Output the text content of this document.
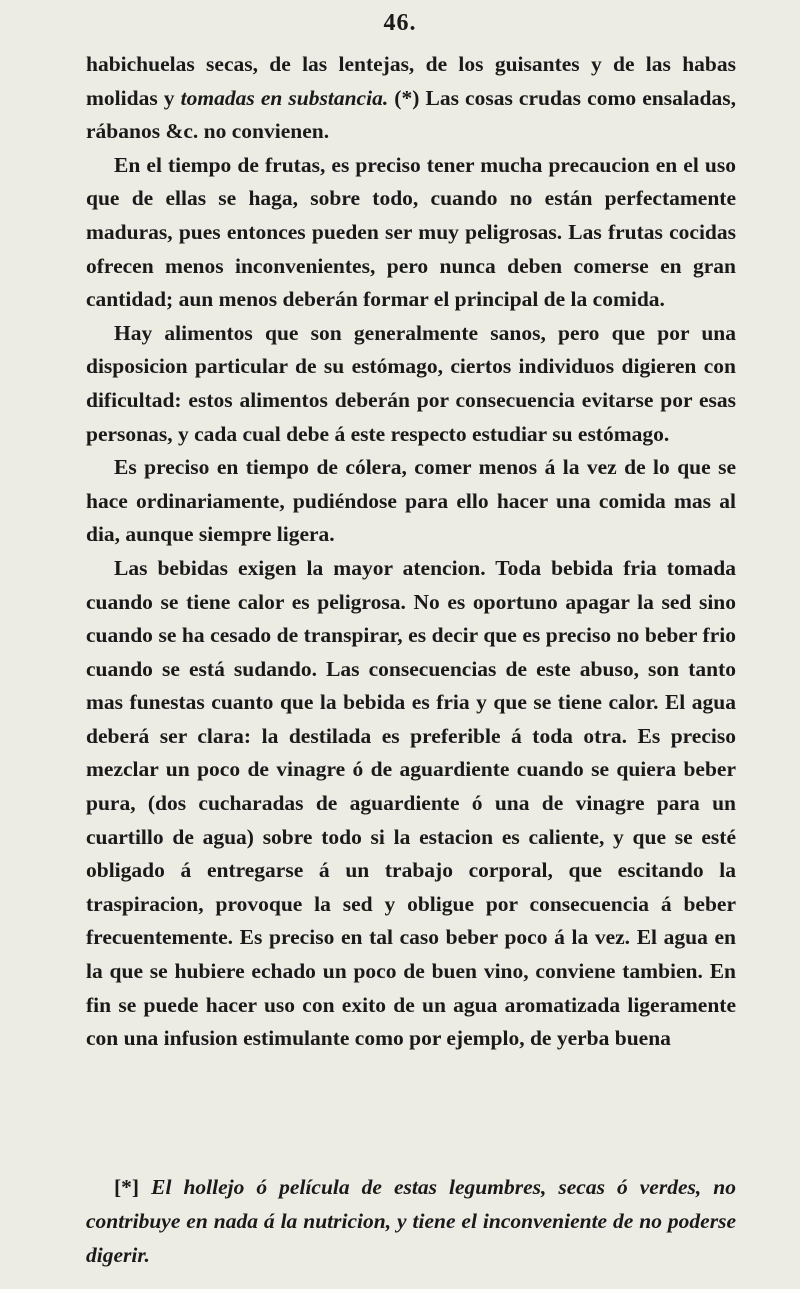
46.

habichuelas secas, de las lentejas, de los guisantes y de las habas molidas y tomadas en substancia. (*) Las cosas crudas como ensaladas, rábanos &c. no convienen.

En el tiempo de frutas, es preciso tener mucha precaucion en el uso que de ellas se haga, sobre todo, cuando no están perfectamente maduras, pues entonces pueden ser muy peligrosas. Las frutas cocidas ofrecen menos inconvenientes, pero nunca deben comerse en gran cantidad; aun menos deberán formar el principal de la comida.

Hay alimentos que son generalmente sanos, pero que por una disposicion particular de su estómago, ciertos individuos digieren con dificultad: estos alimentos deberán por consecuencia evitarse por esas personas, y cada cual debe á este respecto estudiar su estómago.

Es preciso en tiempo de cólera, comer menos á la vez de lo que se hace ordinariamente, pudiéndose para ello hacer una comida mas al dia, aunque siempre ligera.

Las bebidas exigen la mayor atencion. Toda bebida fria tomada cuando se tiene calor es peligrosa. No es oportuno apagar la sed sino cuando se ha cesado de transpirar, es decir que es preciso no beber frio cuando se está sudando. Las consecuencias de este abuso, son tanto mas funestas cuanto que la bebida es fria y que se tiene calor. El agua deberá ser clara: la destilada es preferible á toda otra. Es preciso mezclar un poco de vinagre ó de aguardiente cuando se quiera beber pura, (dos cucharadas de aguardiente ó una de vinagre para un cuartillo de agua) sobre todo si la estacion es caliente, y que se esté obligado á entregarse á un trabajo corporal, que escitando la traspiracion, provoque la sed y obligue por consecuencia á beber frecuentemente. Es preciso en tal caso beber poco á la vez. El agua en la que se hubiere echado un poco de buen vino, conviene tambien. En fin se puede hacer uso con exito de un agua aromatizada ligeramente con una infusion estimulante como por ejemplo, de yerba buena

[*] El hollejo ó película de estas legumbres, secas ó verdes, no contribuye en nada á la nutricion, y tiene el inconveniente de no poderse digerir.
